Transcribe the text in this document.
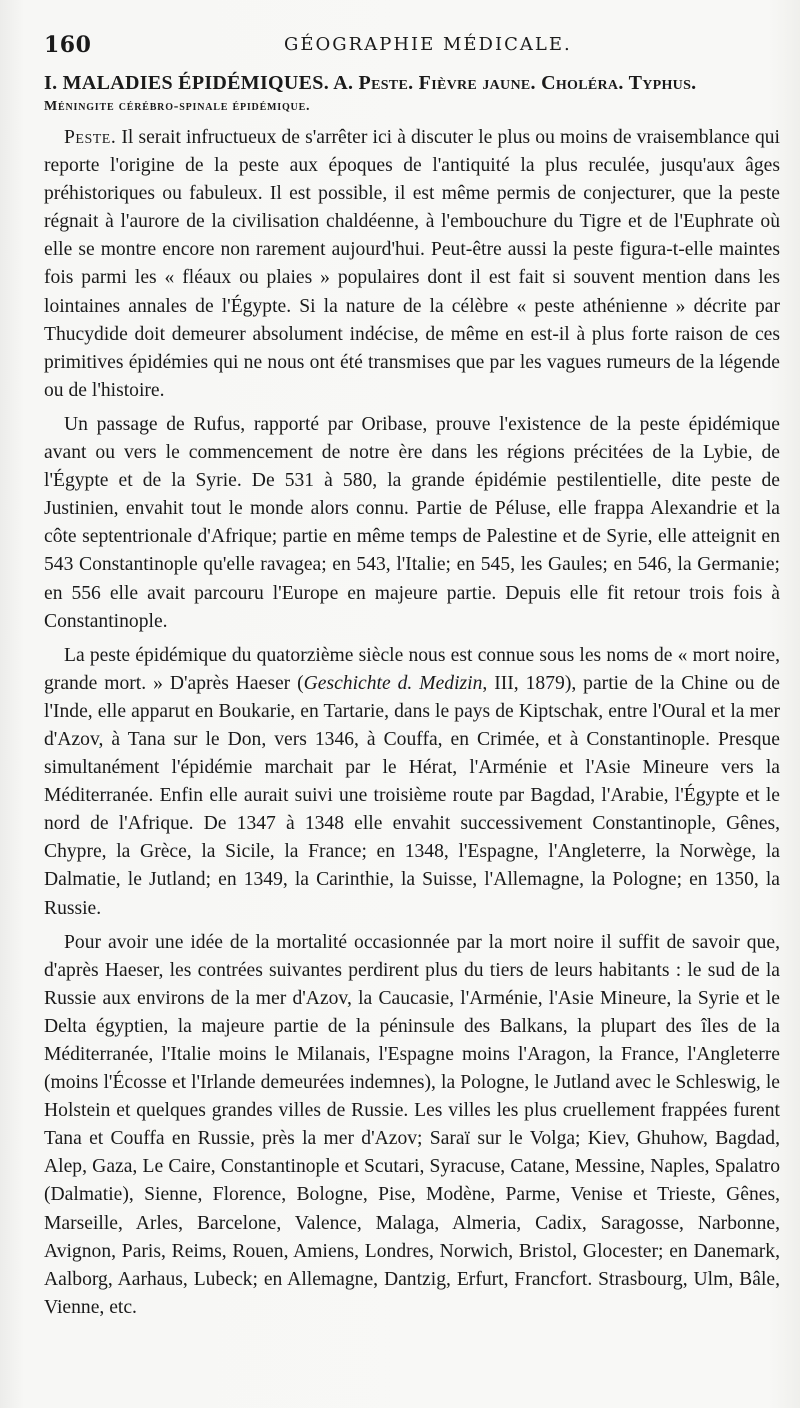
160	GÉOGRAPHIE MÉDICALE.
I. MALADIES ÉPIDÉMIQUES. A. Peste. Fièvre jaune. Choléra. Typhus.
Méningite cérébro-spinale épidémique.

Peste. Il serait infructueux de s'arrêter ici à discuter le plus ou moins de vraisemblance qui reporte l'origine de la peste aux époques de l'antiquité la plus reculée, jusqu'aux âges préhistoriques ou fabuleux. Il est possible, il est même permis de conjecturer, que la peste régnait à l'aurore de la civilisation chaldéenne, à l'embouchure du Tigre et de l'Euphrate où elle se montre encore non rarement aujourd'hui. Peut-être aussi la peste figura-t-elle maintes fois parmi les « fléaux ou plaies » populaires dont il est fait si souvent mention dans les lointaines annales de l'Égypte. Si la nature de la célèbre « peste athénienne » décrite par Thucydide doit demeurer absolument indécise, de même en est-il à plus forte raison de ces primitives épidémies qui ne nous ont été transmises que par les vagues rumeurs de la légende ou de l'histoire.

Un passage de Rufus, rapporté par Oribase, prouve l'existence de la peste épidémique avant ou vers le commencement de notre ère dans les régions précitées de la Lybie, de l'Égypte et de la Syrie. De 531 à 580, la grande épidémie pestilentielle, dite peste de Justinien, envahit tout le monde alors connu. Partie de Péluse, elle frappa Alexandrie et la côte septentrionale d'Afrique; partie en même temps de Palestine et de Syrie, elle atteignit en 543 Constantinople qu'elle ravagea; en 543, l'Italie; en 545, les Gaules; en 546, la Germanie; en 556 elle avait parcouru l'Europe en majeure partie. Depuis elle fit retour trois fois à Constantinople.

La peste épidémique du quatorzième siècle nous est connue sous les noms de « mort noire, grande mort. » D'après Haeser (Geschichte d. Medizin, III, 1879), partie de la Chine ou de l'Inde, elle apparut en Boukarie, en Tartarie, dans le pays de Kiptschak, entre l'Oural et la mer d'Azov, à Tana sur le Don, vers 1346, à Couffa, en Crimée, et à Constantinople. Presque simultanément l'épidémie marchait par le Hérat, l'Arménie et l'Asie Mineure vers la Méditerranée. Enfin elle aurait suivi une troisième route par Bagdad, l'Arabie, l'Égypte et le nord de l'Afrique. De 1347 à 1348 elle envahit successivement Constantinople, Gênes, Chypre, la Grèce, la Sicile, la France; en 1348, l'Espagne, l'Angleterre, la Norwège, la Dalmatie, le Jutland; en 1349, la Carinthie, la Suisse, l'Allemagne, la Pologne; en 1350, la Russie.

Pour avoir une idée de la mortalité occasionnée par la mort noire il suffit de savoir que, d'après Haeser, les contrées suivantes perdirent plus du tiers de leurs habitants : le sud de la Russie aux environs de la mer d'Azov, la Caucasie, l'Arménie, l'Asie Mineure, la Syrie et le Delta égyptien, la majeure partie de la péninsule des Balkans, la plupart des îles de la Méditerranée, l'Italie moins le Milanais, l'Espagne moins l'Aragon, la France, l'Angleterre (moins l'Écosse et l'Irlande demeurées indemnes), la Pologne, le Jutland avec le Schleswig, le Holstein et quelques grandes villes de Russie. Les villes les plus cruellement frappées furent Tana et Couffa en Russie, près la mer d'Azov; Saraï sur le Volga; Kiev, Ghuhow, Bagdad, Alep, Gaza, Le Caire, Constantinople et Scutari, Syracuse, Catane, Messine, Naples, Spalatro (Dalmatie), Sienne, Florence, Bologne, Pise, Modène, Parme, Venise et Trieste, Gênes, Marseille, Arles, Barcelone, Valence, Malaga, Almeria, Cadix, Saragosse, Narbonne, Avignon, Paris, Reims, Rouen, Amiens, Londres, Norwich, Bristol, Glocester; en Danemark, Aalborg, Aarhaus, Lubeck; en Allemagne, Dantzig, Erfurt, Francfort. Strasbourg, Ulm, Bâle, Vienne, etc.
